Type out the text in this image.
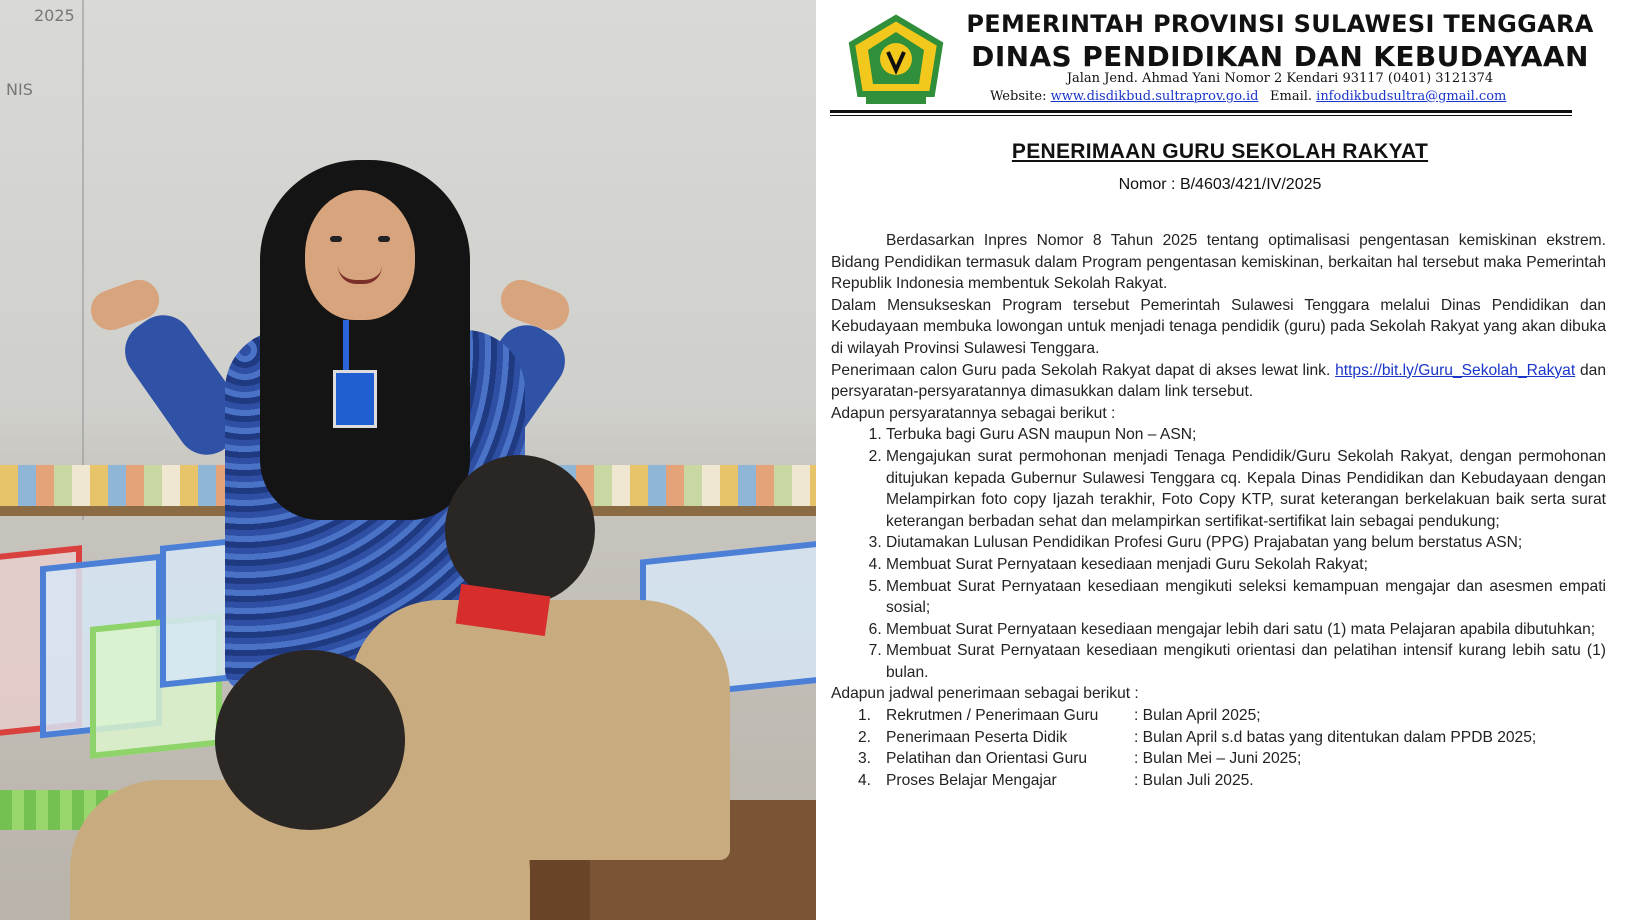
2025
NIS
PEMERINTAH PROVINSI SULAWESI TENGGARA
DINAS PENDIDIKAN DAN KEBUDAYAAN
Jalan Jend. Ahmad Yani Nomor 2 Kendari 93117 (0401) 3121374
Website: www.disdikbud.sultraprov.go.id Email. infodikbudsultra@gmail.com
PENERIMAAN GURU SEKOLAH RAKYAT
Nomor : B/4603/421/IV/2025

Berdasarkan Inpres Nomor 8 Tahun 2025 tentang optimalisasi pengentasan kemiskinan ekstrem. Bidang Pendidikan termasuk dalam Program pengentasan kemiskinan, berkaitan hal tersebut maka Pemerintah Republik Indonesia membentuk Sekolah Rakyat.

Dalam Mensukseskan Program tersebut Pemerintah Sulawesi Tenggara melalui Dinas Pendidikan dan Kebudayaan membuka lowongan untuk menjadi tenaga pendidik (guru) pada Sekolah Rakyat yang akan dibuka di wilayah Provinsi Sulawesi Tenggara.

Penerimaan calon Guru pada Sekolah Rakyat dapat di akses lewat link. https://bit.ly/Guru_Sekolah_Rakyat dan persyaratan-persyaratannya dimasukkan dalam link tersebut.

Adapun persyaratannya sebagai berikut :

1. Terbuka bagi Guru ASN maupun Non – ASN;
2. Mengajukan surat permohonan menjadi Tenaga Pendidik/Guru Sekolah Rakyat, dengan permohonan ditujukan kepada Gubernur Sulawesi Tenggara cq. Kepala Dinas Pendidikan dan Kebudayaan dengan Melampirkan foto copy Ijazah terakhir, Foto Copy KTP, surat keterangan berkelakuan baik serta surat keterangan berbadan sehat dan melampirkan sertifikat-sertifikat lain sebagai pendukung;
3. Diutamakan Lulusan Pendidikan Profesi Guru (PPG) Prajabatan yang belum berstatus ASN;
4. Membuat Surat Pernyataan kesediaan menjadi Guru Sekolah Rakyat;
5. Membuat Surat Pernyataan kesediaan mengikuti seleksi kemampuan mengajar dan asesmen empati sosial;
6. Membuat Surat Pernyataan kesediaan mengajar lebih dari satu (1) mata Pelajaran apabila dibutuhkan;
7. Membuat Surat Pernyataan kesediaan mengikuti orientasi dan pelatihan intensif kurang lebih satu (1) bulan.

Adapun jadwal penerimaan sebagai berikut :

1. Rekrutmen / Penerimaan Guru	: Bulan April 2025;
2. Penerimaan Peserta Didik	: Bulan April s.d batas yang ditentukan dalam PPDB 2025;
3. Pelatihan dan Orientasi Guru	: Bulan Mei – Juni 2025;
4. Proses Belajar Mengajar	: Bulan Juli 2025.
